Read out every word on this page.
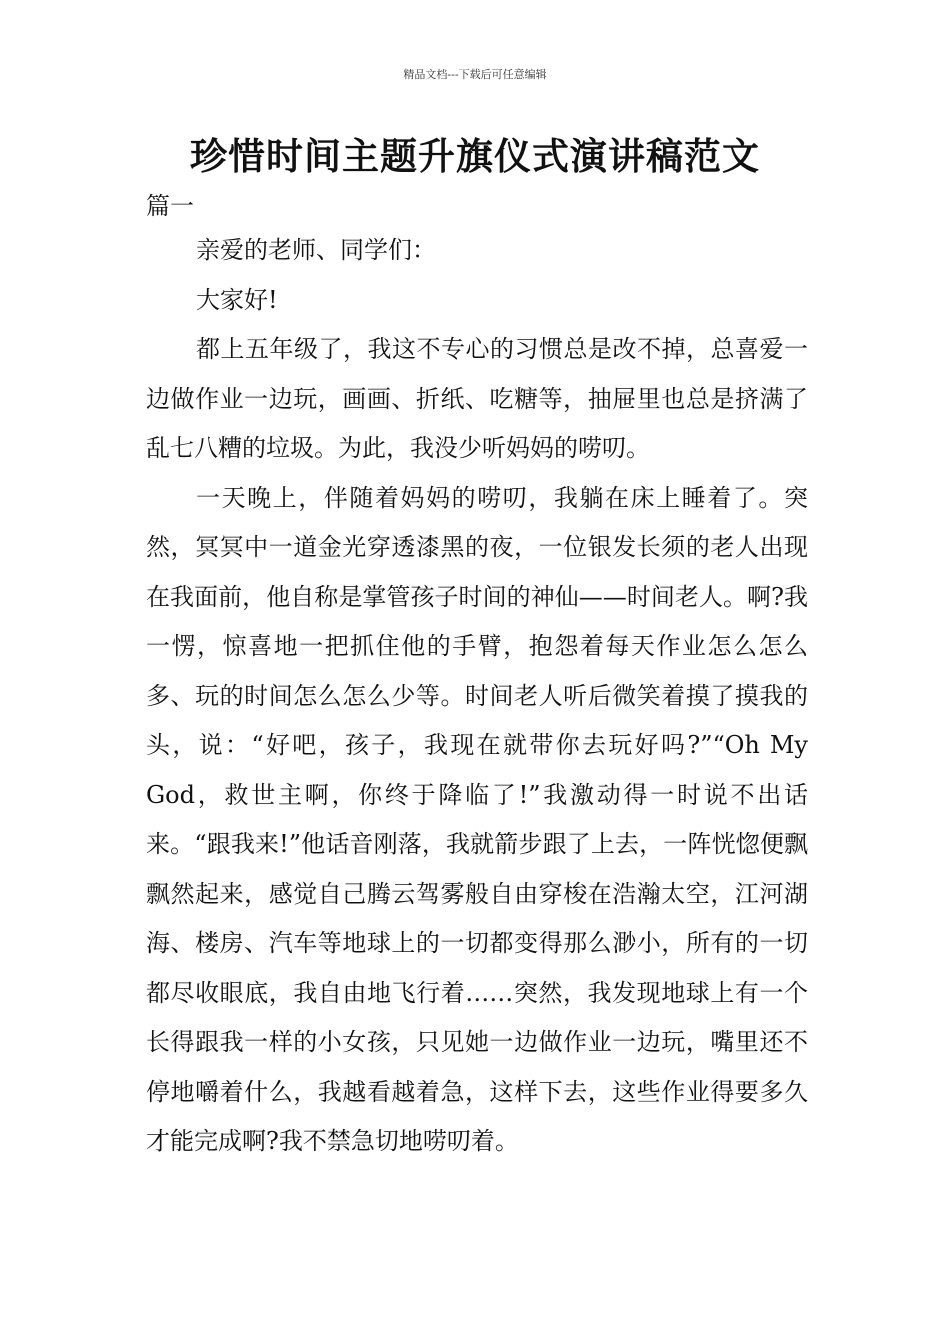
精品文档---下载后可任意编辑
珍惜时间主题升旗仪式演讲稿范文
篇一

亲爱的老师、同学们：

大家好!

都上五年级了，我这不专心的习惯总是改不掉，总喜爱一边做作业一边玩，画画、折纸、吃糖等，抽屉里也总是挤满了乱七八糟的垃圾。为此，我没少听妈妈的唠叨。

一天晚上，伴随着妈妈的唠叨，我躺在床上睡着了。突然，冥冥中一道金光穿透漆黑的夜，一位银发长须的老人出现在我面前，他自称是掌管孩子时间的神仙——时间老人。啊?我一愣，惊喜地一把抓住他的手臂，抱怨着每天作业怎么怎么多、玩的时间怎么怎么少等。时间老人听后微笑着摸了摸我的头，说：“好吧，孩子，我现在就带你去玩好吗?”“Oh My God，救世主啊，你终于降临了!”我激动得一时说不出话来。“跟我来!”他话音刚落，我就箭步跟了上去，一阵恍惚便飘飘然起来，感觉自己腾云驾雾般自由穿梭在浩瀚太空，江河湖海、楼房、汽车等地球上的一切都变得那么渺小，所有的一切都尽收眼底，我自由地飞行着……突然，我发现地球上有一个长得跟我一样的小女孩，只见她一边做作业一边玩，嘴里还不停地嚼着什么，我越看越着急，这样下去，这些作业得要多久才能完成啊?我不禁急切地唠叨着。
